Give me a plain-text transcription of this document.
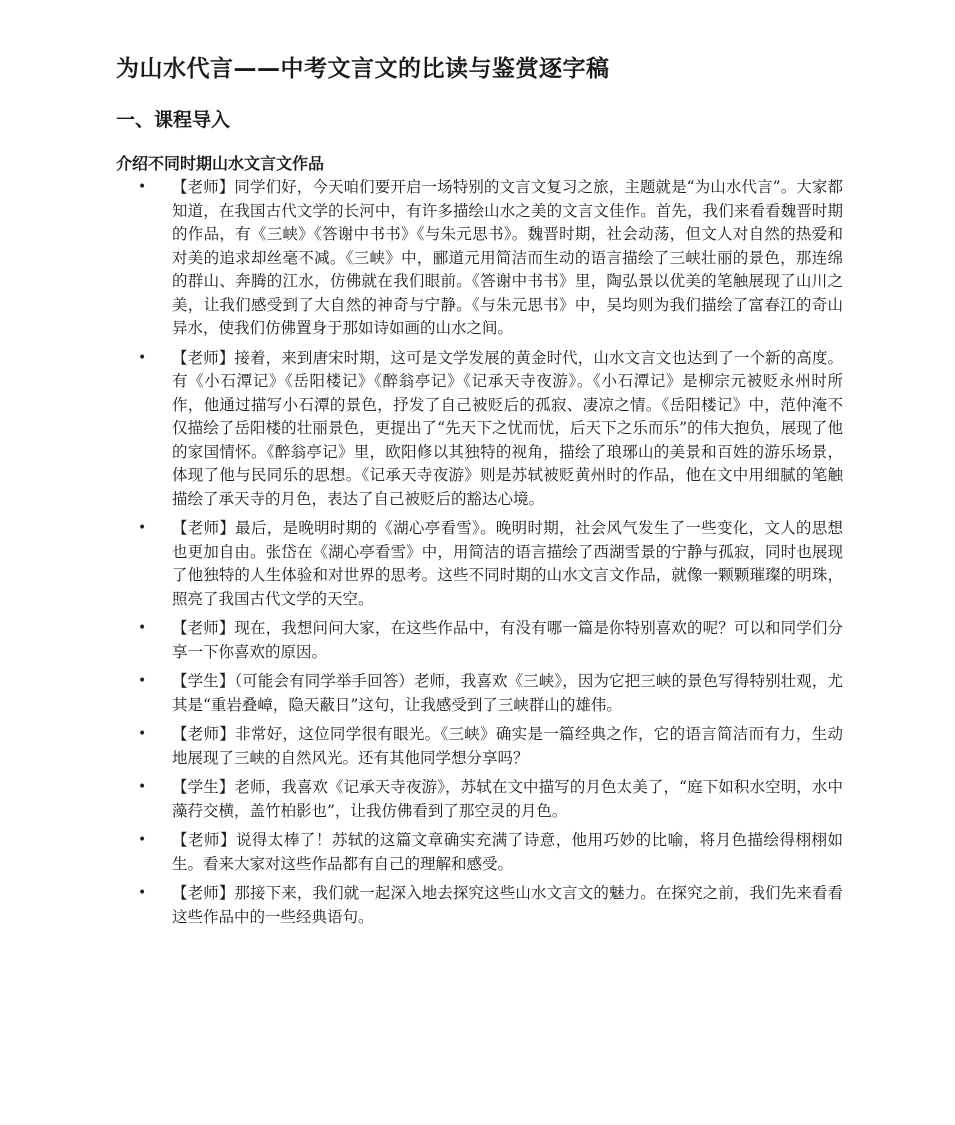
为山水代言——中考文言文的比读与鉴赏逐字稿
一、课程导入
介绍不同时期山水文言文作品
• 【老师】同学们好，今天咱们要开启一场特别的文言文复习之旅，主题就是“为山水代言”。大家都知道，在我国古代文学的长河中，有许多描绘山水之美的文言文佳作。首先，我们来看看魏晋时期的作品，有《三峡》《答谢中书书》《与朱元思书》。魏晋时期，社会动荡，但文人对自然的热爱和对美的追求却丝毫不减。《三峡》中，郦道元用简洁而生动的语言描绘了三峡壮丽的景色，那连绵的群山、奔腾的江水，仿佛就在我们眼前。《答谢中书书》里，陶弘景以优美的笔触展现了山川之美，让我们感受到了大自然的神奇与宁静。《与朱元思书》中，吴均则为我们描绘了富春江的奇山异水，使我们仿佛置身于那如诗如画的山水之间。
• 【老师】接着，来到唐宋时期，这可是文学发展的黄金时代，山水文言文也达到了一个新的高度。有《小石潭记》《岳阳楼记》《醉翁亭记》《记承天寺夜游》。《小石潭记》是柳宗元被贬永州时所作，他通过描写小石潭的景色，抒发了自己被贬后的孤寂、凄凉之情。《岳阳楼记》中，范仲淹不仅描绘了岳阳楼的壮丽景色，更提出了“先天下之忧而忧，后天下之乐而乐”的伟大抱负，展现了他的家国情怀。《醉翁亭记》里，欧阳修以其独特的视角，描绘了琅琊山的美景和百姓的游乐场景，体现了他与民同乐的思想。《记承天寺夜游》则是苏轼被贬黄州时的作品，他在文中用细腻的笔触描绘了承天寺的月色，表达了自己被贬后的豁达心境。
• 【老师】最后，是晚明时期的《湖心亭看雪》。晚明时期，社会风气发生了一些变化，文人的思想也更加自由。张岱在《湖心亭看雪》中，用简洁的语言描绘了西湖雪景的宁静与孤寂，同时也展现了他独特的人生体验和对世界的思考。这些不同时期的山水文言文作品，就像一颗颗璀璨的明珠，照亮了我国古代文学的天空。
• 【老师】现在，我想问问大家，在这些作品中，有没有哪一篇是你特别喜欢的呢？可以和同学们分享一下你喜欢的原因。
• 【学生】（可能会有同学举手回答）老师，我喜欢《三峡》，因为它把三峡的景色写得特别壮观，尤其是“重岩叠嶂，隐天蔽日”这句，让我感受到了三峡群山的雄伟。
• 【老师】非常好，这位同学很有眼光。《三峡》确实是一篇经典之作，它的语言简洁而有力，生动地展现了三峡的自然风光。还有其他同学想分享吗？
• 【学生】老师，我喜欢《记承天寺夜游》，苏轼在文中描写的月色太美了，“庭下如积水空明，水中藻荇交横，盖竹柏影也”，让我仿佛看到了那空灵的月色。
• 【老师】说得太棒了！苏轼的这篇文章确实充满了诗意，他用巧妙的比喻，将月色描绘得栩栩如生。看来大家对这些作品都有自己的理解和感受。
• 【老师】那接下来，我们就一起深入地去探究这些山水文言文的魅力。在探究之前，我们先来看看这些作品中的一些经典语句。
